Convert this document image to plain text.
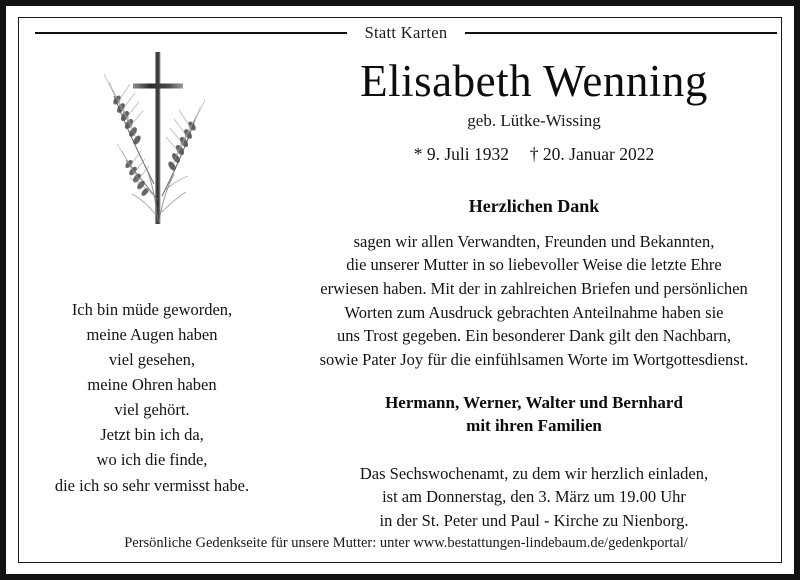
Statt Karten
Elisabeth Wenning
geb. Lütke-Wissing
* 9. Juli 1932 † 20. Januar 2022
Herzlichen Dank
sagen wir allen Verwandten, Freunden und Bekannten,
die unserer Mutter in so liebevoller Weise die letzte Ehre
erwiesen haben. Mit der in zahlreichen Briefen und persönlichen
Worten zum Ausdruck gebrachten Anteilnahme haben sie
uns Trost gegeben. Ein besonderer Dank gilt den Nachbarn,
sowie Pater Joy für die einfühlsamen Worte im Wortgottesdienst.
Hermann, Werner, Walter und Bernhard
mit ihren Familien
Das Sechswochenamt, zu dem wir herzlich einladen,
ist am Donnerstag, den 3. März um 19.00 Uhr
in der St. Peter und Paul - Kirche zu Nienborg.
Ich bin müde geworden,
meine Augen haben
viel gesehen,
meine Ohren haben
viel gehört.
Jetzt bin ich da,
wo ich die finde,
die ich so sehr vermisst habe.
Persönliche Gedenkseite für unsere Mutter: unter www.bestattungen-lindebaum.de/gedenkportal/
